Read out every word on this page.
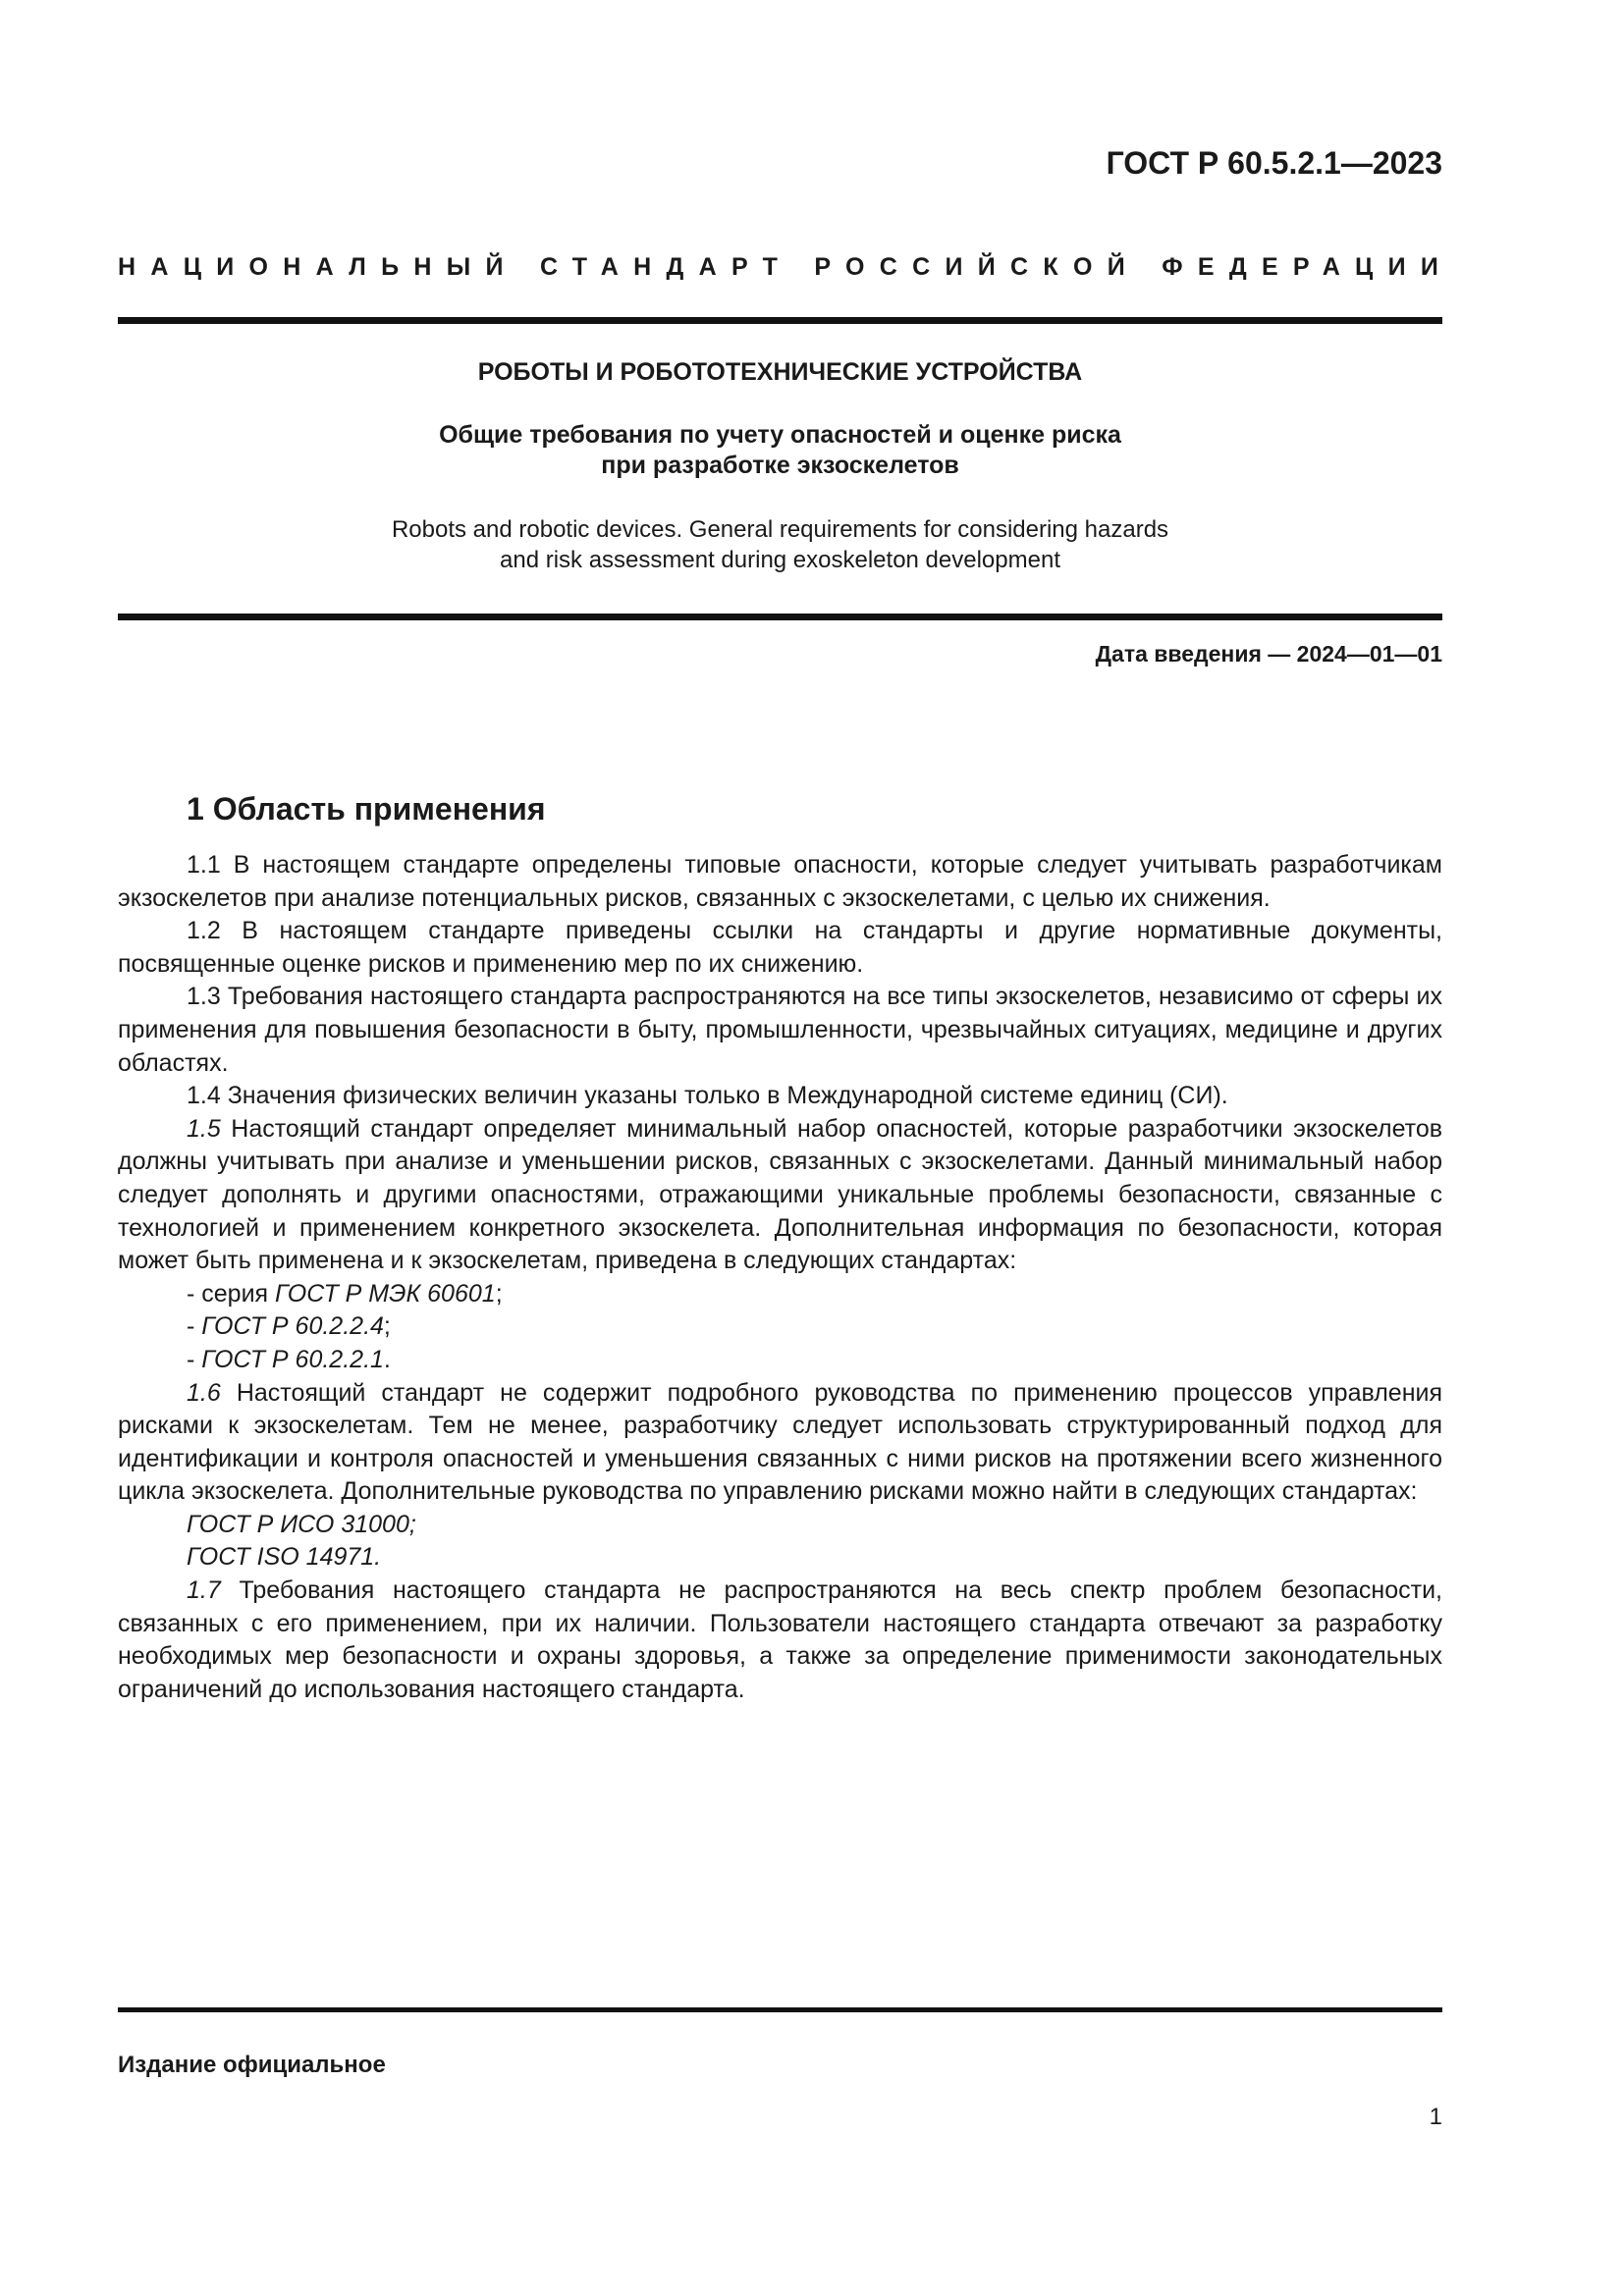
ГОСТ Р 60.5.2.1—2023
НАЦИОНАЛЬНЫЙ СТАНДАРТ РОССИЙСКОЙ ФЕДЕРАЦИИ
РОБОТЫ И РОБОТОТЕХНИЧЕСКИЕ УСТРОЙСТВА
Общие требования по учету опасностей и оценке риска
при разработке экзоскелетов
Robots and robotic devices. General requirements for considering hazards
and risk assessment during exoskeleton development
Дата введения — 2024—01—01
1 Область применения

1.1 В настоящем стандарте определены типовые опасности, которые следует учитывать разработчикам экзоскелетов при анализе потенциальных рисков, связанных с экзоскелетами, с целью их снижения.

1.2 В настоящем стандарте приведены ссылки на стандарты и другие нормативные документы, посвященные оценке рисков и применению мер по их снижению.

1.3 Требования настоящего стандарта распространяются на все типы экзоскелетов, независимо от сферы их применения для повышения безопасности в быту, промышленности, чрезвычайных ситуациях, медицине и других областях.

1.4 Значения физических величин указаны только в Международной системе единиц (СИ).

1.5 Настоящий стандарт определяет минимальный набор опасностей, которые разработчики экзоскелетов должны учитывать при анализе и уменьшении рисков, связанных с экзоскелетами. Данный минимальный набор следует дополнять и другими опасностями, отражающими уникальные проблемы безопасности, связанные с технологией и применением конкретного экзоскелета. Дополнительная информация по безопасности, которая может быть применена и к экзоскелетам, приведена в следующих стандартах:

- серия ГОСТ Р МЭК 60601;

- ГОСТ Р 60.2.2.4;

- ГОСТ Р 60.2.2.1.

1.6 Настоящий стандарт не содержит подробного руководства по применению процессов управления рисками к экзоскелетам. Тем не менее, разработчику следует использовать структурированный подход для идентификации и контроля опасностей и уменьшения связанных с ними рисков на протяжении всего жизненного цикла экзоскелета. Дополнительные руководства по управлению рисками можно найти в следующих стандартах:

ГОСТ Р ИСО 31000;

ГОСТ ISO 14971.

1.7 Требования настоящего стандарта не распространяются на весь спектр проблем безопасности, связанных с его применением, при их наличии. Пользователи настоящего стандарта отвечают за разработку необходимых мер безопасности и охраны здоровья, а также за определение применимости законодательных ограничений до использования настоящего стандарта.

Издание официальное
1
